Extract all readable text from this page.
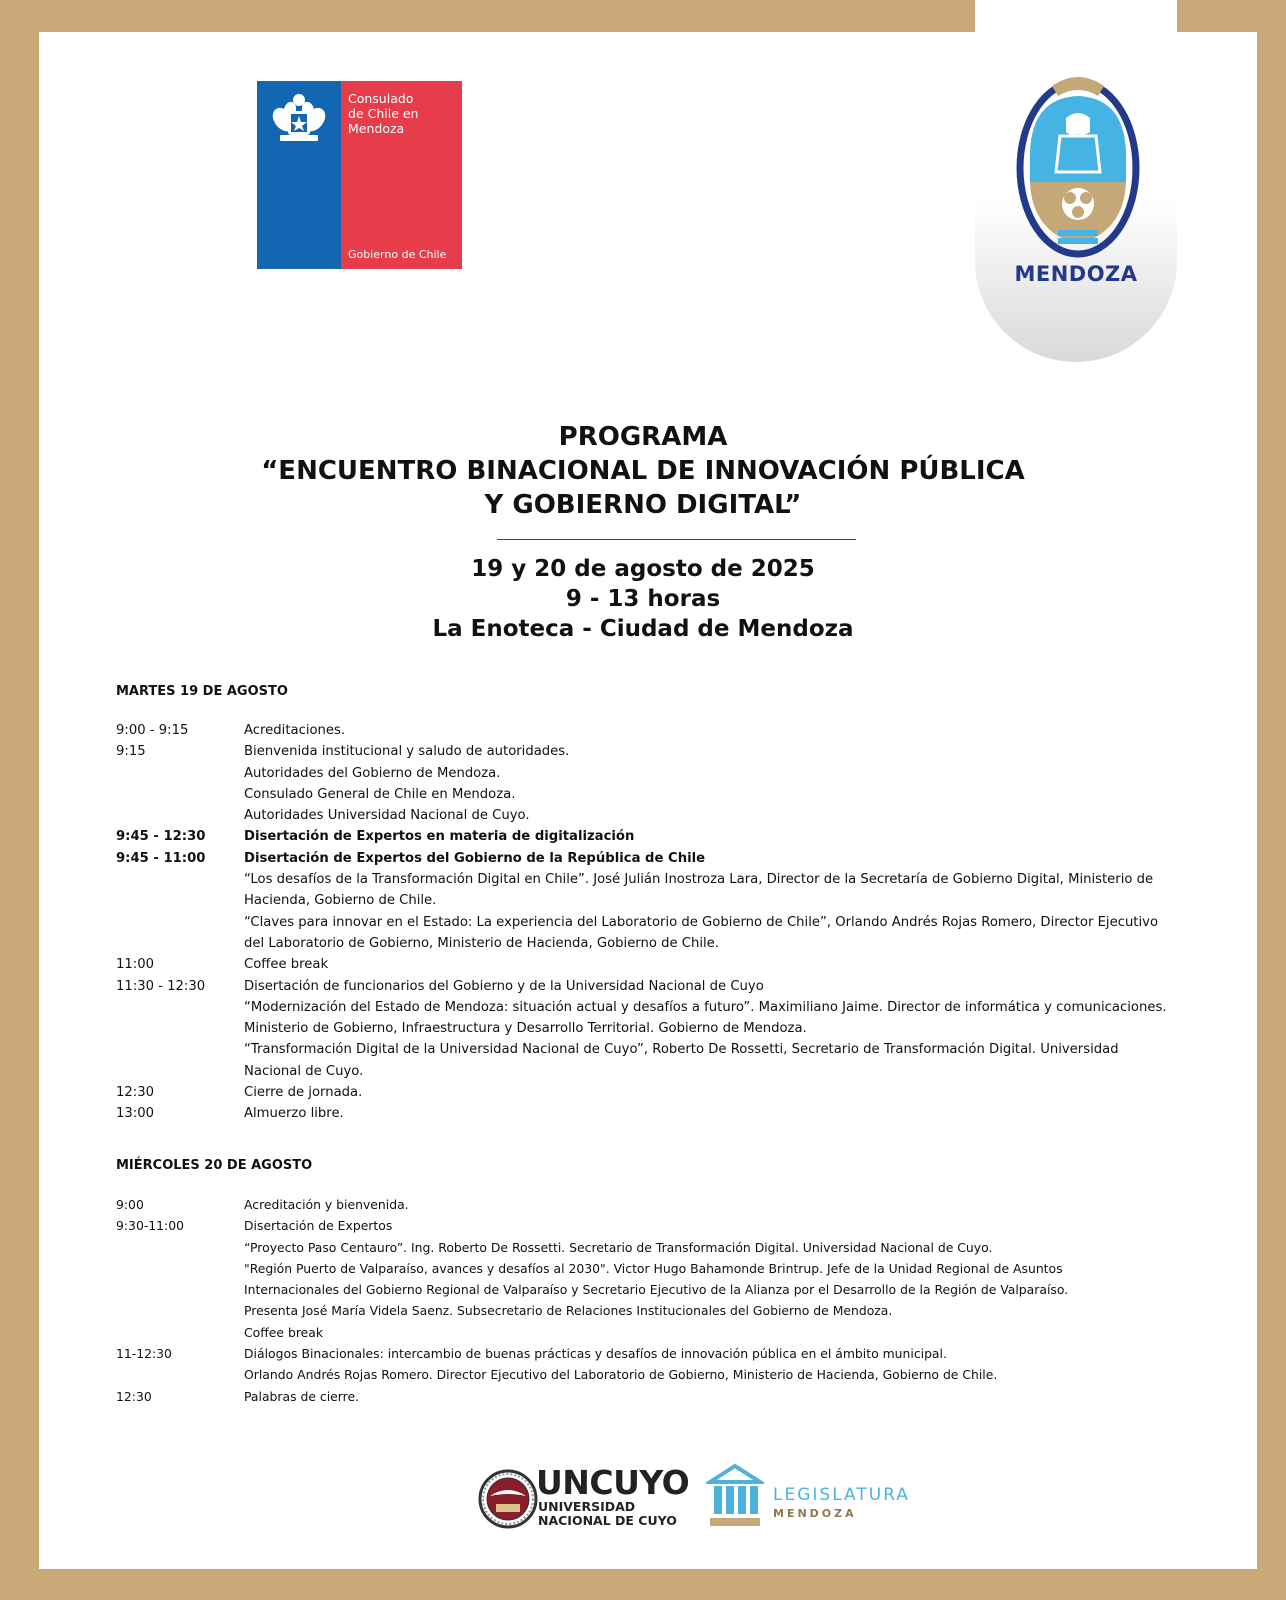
Consulado
de Chile en
Mendoza
Gobierno de Chile
MENDOZA
PROGRAMA
“ENCUENTRO BINACIONAL DE INNOVACIÓN PÚBLICA
Y GOBIERNO DIGITAL”
19 y 20 de agosto de 2025
9 - 13 horas
La Enoteca - Ciudad de Mendoza
MARTES 19 DE AGOSTO
9:00 - 9:15	Acreditaciones.
9:15	Bienvenida institucional y saludo de autoridades.
Autoridades del Gobierno de Mendoza.
Consulado General de Chile en Mendoza.
Autoridades Universidad Nacional de Cuyo.
9:45 - 12:30	Disertación de Expertos en materia de digitalización
9:45 - 11:00	Disertación de Expertos del Gobierno de la República de Chile
“Los desafíos de la Transformación Digital en Chile”. José Julián Inostroza Lara, Director de la Secretaría de Gobierno Digital, Ministerio de
Hacienda, Gobierno de Chile.
“Claves para innovar en el Estado: La experiencia del Laboratorio de Gobierno de Chile”, Orlando Andrés Rojas Romero, Director Ejecutivo
del Laboratorio de Gobierno, Ministerio de Hacienda, Gobierno de Chile.
11:00	Coffee break
11:30 - 12:30	Disertación de funcionarios del Gobierno y de la Universidad Nacional de Cuyo
“Modernización del Estado de Mendoza: situación actual y desafíos a futuro”. Maximiliano Jaime. Director de informática y comunicaciones.
Ministerio de Gobierno, Infraestructura y Desarrollo Territorial. Gobierno de Mendoza.
“Transformación Digital de la Universidad Nacional de Cuyo”, Roberto De Rossetti, Secretario de Transformación Digital. Universidad
Nacional de Cuyo.
12:30	Cierre de jornada.
13:00	Almuerzo libre.
MIÉRCOLES 20 DE AGOSTO
9:00	Acreditación y bienvenida.
9:30-11:00	Disertación de Expertos
“Proyecto Paso Centauro”. Ing. Roberto De Rossetti. Secretario de Transformación Digital. Universidad Nacional de Cuyo.
"Región Puerto de Valparaíso, avances y desafíos al 2030". Victor Hugo Bahamonde Brintrup. Jefe de la Unidad Regional de Asuntos
Internacionales del Gobierno Regional de Valparaíso y Secretario Ejecutivo de la Alianza por el Desarrollo de la Región de Valparaíso.
Presenta José María Videla Saenz. Subsecretario de Relaciones Institucionales del Gobierno de Mendoza.
Coffee break
11-12:30	Diálogos Binacionales: intercambio de buenas prácticas y desafíos de innovación pública en el ámbito municipal.
Orlando Andrés Rojas Romero. Director Ejecutivo del Laboratorio de Gobierno, Ministerio de Hacienda, Gobierno de Chile.
12:30	Palabras de cierre.
UNCUYO
UNIVERSIDAD
NACIONAL DE CUYO
LEGISLATURA
MENDOZA
